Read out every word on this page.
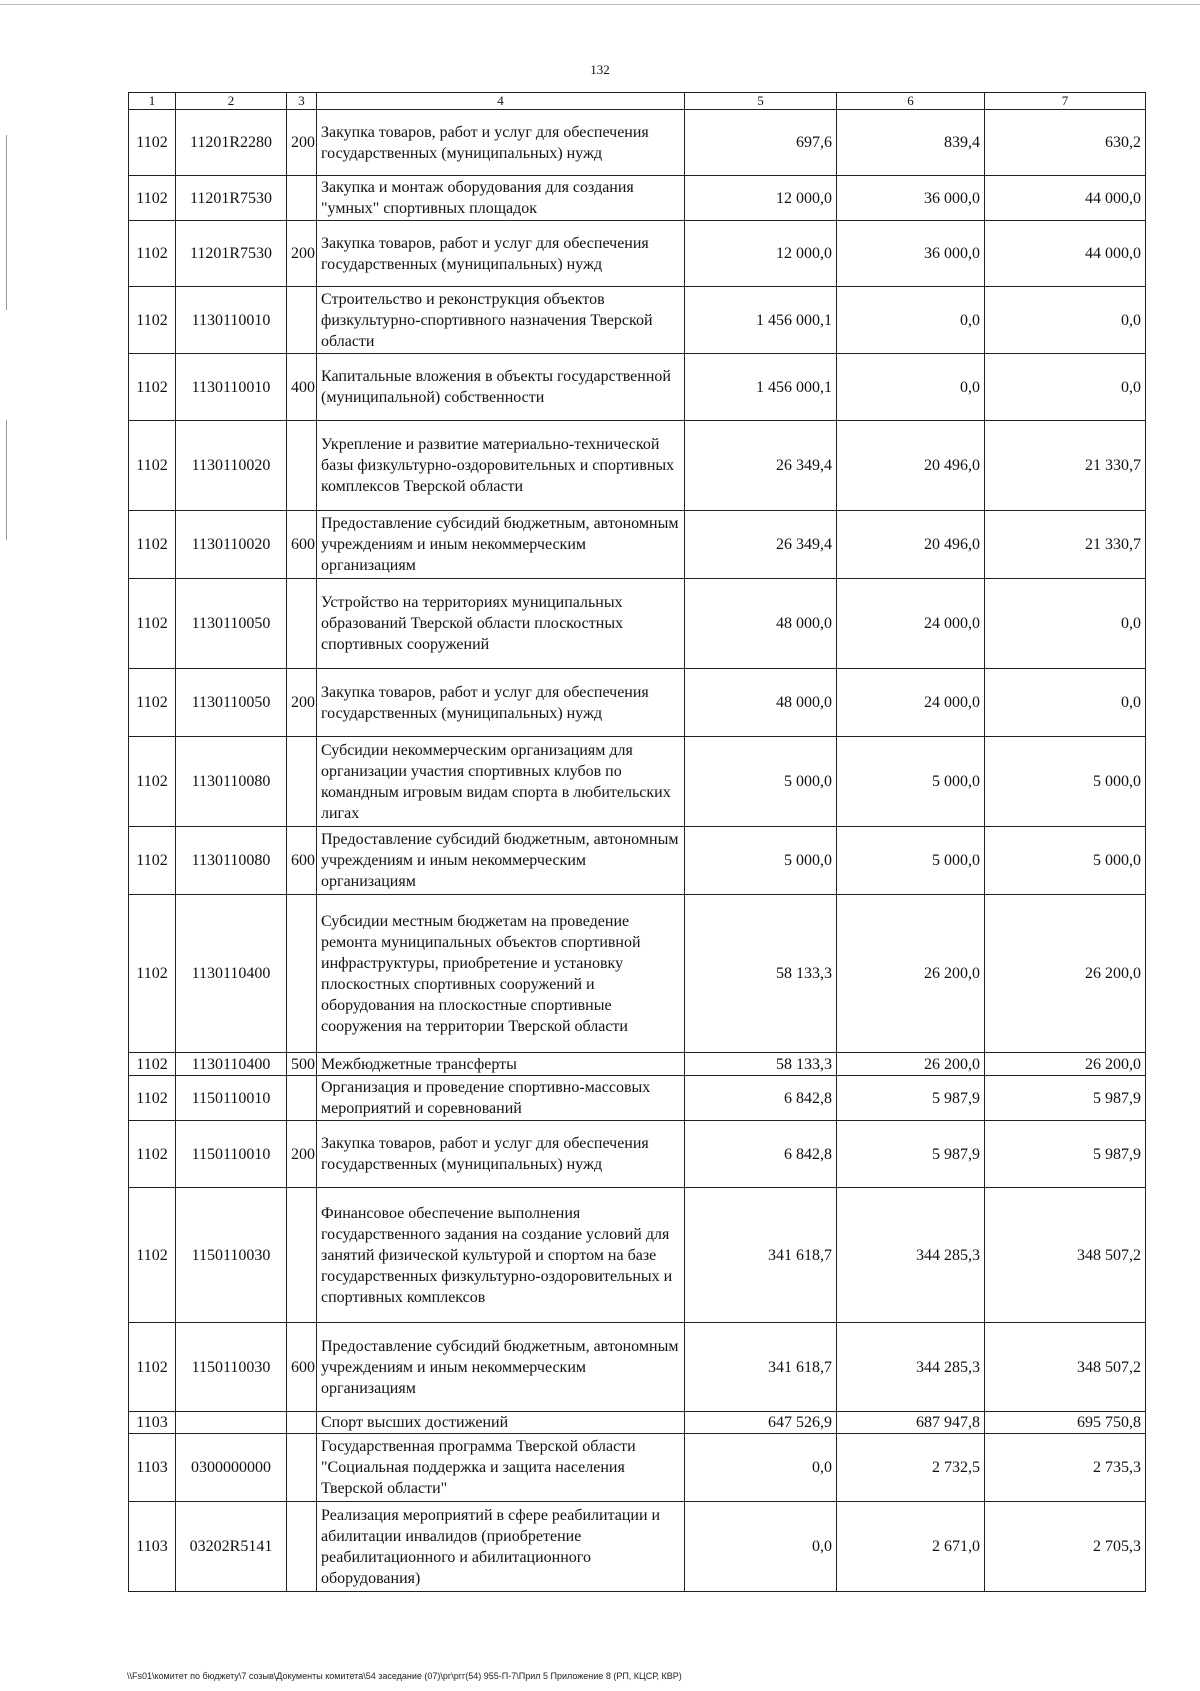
132
1	2	3	4	5	6	7
1102	11201R2280	200	Закупка товаров, работ и услуг для обеспечения государственных (муниципальных) нужд	697,6	839,4	630,2
1102	11201R7530		Закупка и монтаж оборудования для создания "умных" спортивных площадок	12 000,0	36 000,0	44 000,0
1102	11201R7530	200	Закупка товаров, работ и услуг для обеспечения государственных (муниципальных) нужд	12 000,0	36 000,0	44 000,0
1102	1130110010		Строительство и реконструкция объектов физкультурно-спортивного назначения Тверской области	1 456 000,1	0,0	0,0
1102	1130110010	400	Капитальные вложения в объекты государственной (муниципальной) собственности	1 456 000,1	0,0	0,0
1102	1130110020		Укрепление и развитие материально-технической базы физкультурно-оздоровительных и спортивных комплексов Тверской области	26 349,4	20 496,0	21 330,7
1102	1130110020	600	Предоставление субсидий бюджетным, автономным учреждениям и иным некоммерческим организациям	26 349,4	20 496,0	21 330,7
1102	1130110050		Устройство на территориях муниципальных образований Тверской области плоскостных спортивных сооружений	48 000,0	24 000,0	0,0
1102	1130110050	200	Закупка товаров, работ и услуг для обеспечения государственных (муниципальных) нужд	48 000,0	24 000,0	0,0
1102	1130110080		Субсидии некоммерческим организациям для организации участия спортивных клубов по командным игровым видам спорта в любительских лигах	5 000,0	5 000,0	5 000,0
1102	1130110080	600	Предоставление субсидий бюджетным, автономным учреждениям и иным некоммерческим организациям	5 000,0	5 000,0	5 000,0
1102	1130110400		Субсидии местным бюджетам на проведение ремонта муниципальных объектов спортивной инфраструктуры, приобретение и установку плоскостных спортивных сооружений и оборудования на плоскостные спортивные сооружения на территории Тверской области	58 133,3	26 200,0	26 200,0
1102	1130110400	500	Межбюджетные трансферты	58 133,3	26 200,0	26 200,0
1102	1150110010		Организация и проведение спортивно-массовых мероприятий и соревнований	6 842,8	5 987,9	5 987,9
1102	1150110010	200	Закупка товаров, работ и услуг для обеспечения государственных (муниципальных) нужд	6 842,8	5 987,9	5 987,9
1102	1150110030		Финансовое обеспечение выполнения государственного задания на создание условий для занятий физической культурой и спортом на базе государственных физкультурно-оздоровительных и спортивных комплексов	341 618,7	344 285,3	348 507,2
1102	1150110030	600	Предоставление субсидий бюджетным, автономным учреждениям и иным некоммерческим организациям	341 618,7	344 285,3	348 507,2
1103			Спорт высших достижений	647 526,9	687 947,8	695 750,8
1103	0300000000		Государственная программа Тверской области "Социальная поддержка и защита населения Тверской области"	0,0	2 732,5	2 735,3
1103	03202R5141		Реализация мероприятий в сфере реабилитации и абилитации инвалидов (приобретение реабилитационного и абилитационного оборудования)	0,0	2 671,0	2 705,3
\\Fs01\комитет по бюджету\7 созыв\Документы комитета\54 заседание (07)\рг\ргг(54) 955-П-7\Прил 5 Приложение 8 (РП, КЦСР, КВР)
